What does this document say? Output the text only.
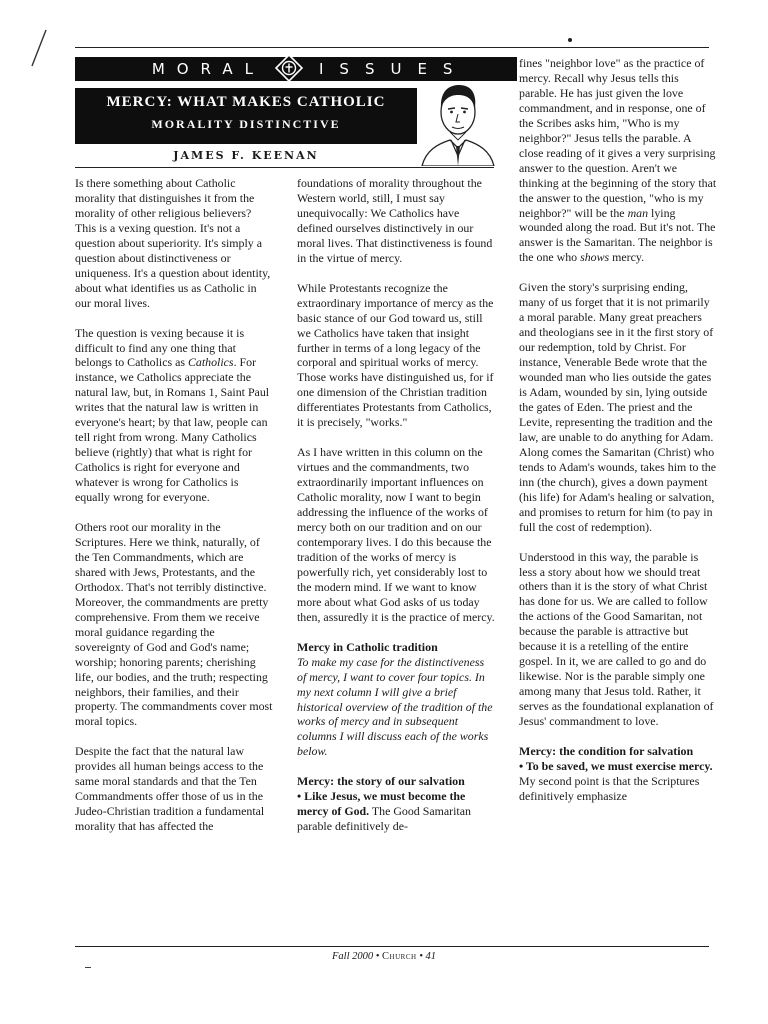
MORAL	ISSUES
MERCY: WHAT MAKES CATHOLIC
MORALITY DISTINCTIVE
JAMES F. KEENAN

Is there something about Catholic morality that distinguishes it from the morality of other religious believers? This is a vexing question. It's not a question about superiority. It's simply a question about distinctiveness or uniqueness. It's a question about identity, about what identifies us as Catholic in our moral lives.

The question is vexing because it is difficult to find any one thing that belongs to Catholics as Catholics. For instance, we Catholics appreciate the natural law, but, in Romans 1, Saint Paul writes that the natural law is written in everyone's heart; by that law, people can tell right from wrong. Many Catholics believe (rightly) that what is right for Catholics is right for everyone and whatever is wrong for Catholics is equally wrong for everyone.

Others root our morality in the Scriptures. Here we think, naturally, of the Ten Commandments, which are shared with Jews, Protestants, and the Orthodox. That's not terribly distinctive. Moreover, the commandments are pretty comprehensive. From them we receive moral guidance regarding the sovereignty of God and God's name; worship; honoring parents; cherishing life, our bodies, and the truth; respecting neighbors, their families, and their property. The commandments cover most moral topics.

Despite the fact that the natural law provides all human beings access to the same moral standards and that the Ten Commandments offer those of us in the Judeo-Christian tradition a fundamental morality that has affected the

foundations of morality throughout the Western world, still, I must say unequivocally: We Catholics have defined ourselves distinctively in our moral lives. That distinctiveness is found in the virtue of mercy.

While Protestants recognize the extraordinary importance of mercy as the basic stance of our God toward us, still we Catholics have taken that insight further in terms of a long legacy of the corporal and spiritual works of mercy. Those works have distinguished us, for if one dimension of the Christian tradition differentiates Protestants from Catholics, it is precisely, "works."

As I have written in this column on the virtues and the commandments, two extraordinarily important influences on Catholic morality, now I want to begin addressing the influence of the works of mercy both on our tradition and on our contemporary lives. I do this because the tradition of the works of mercy is powerfully rich, yet considerably lost to the modern mind. If we want to know more about what God asks of us today then, assuredly it is the practice of mercy.

Mercy in Catholic tradition

To make my case for the distinctiveness of mercy, I want to cover four topics. In my next column I will give a brief historical overview of the tradition of the works of mercy and in subsequent columns I will discuss each of the works below.

Mercy: the story of our salvation

• Like Jesus, we must become the mercy of God. The Good Samaritan parable definitively de-

fines "neighbor love" as the practice of mercy. Recall why Jesus tells this parable. He has just given the love commandment, and in response, one of the Scribes asks him, "Who is my neighbor?" Jesus tells the parable. A close reading of it gives a very surprising answer to the question. Aren't we thinking at the beginning of the story that the answer to the question, "who is my neighbor?" will be the man lying wounded along the road. But it's not. The answer is the Samaritan. The neighbor is the one who shows mercy.

Given the story's surprising ending, many of us forget that it is not primarily a moral parable. Many great preachers and theologians see in it the first story of our redemption, told by Christ. For instance, Venerable Bede wrote that the wounded man who lies outside the gates is Adam, wounded by sin, lying outside the gates of Eden. The priest and the Levite, representing the tradition and the law, are unable to do anything for Adam. Along comes the Samaritan (Christ) who tends to Adam's wounds, takes him to the inn (the church), gives a down payment (his life) for Adam's healing or salvation, and promises to return for him (to pay in full the cost of redemption).

Understood in this way, the parable is less a story about how we should treat others than it is the story of what Christ has done for us. We are called to follow the actions of the Good Samaritan, not because the parable is attractive but because it is a retelling of the entire gospel. In it, we are called to go and do likewise. Nor is the parable simply one among many that Jesus told. Rather, it serves as the foundational explanation of Jesus' commandment to love.

Mercy: the condition for salvation

• To be saved, we must exercise mercy. My second point is that the Scriptures definitively emphasize

Fall 2000 • Church • 41
